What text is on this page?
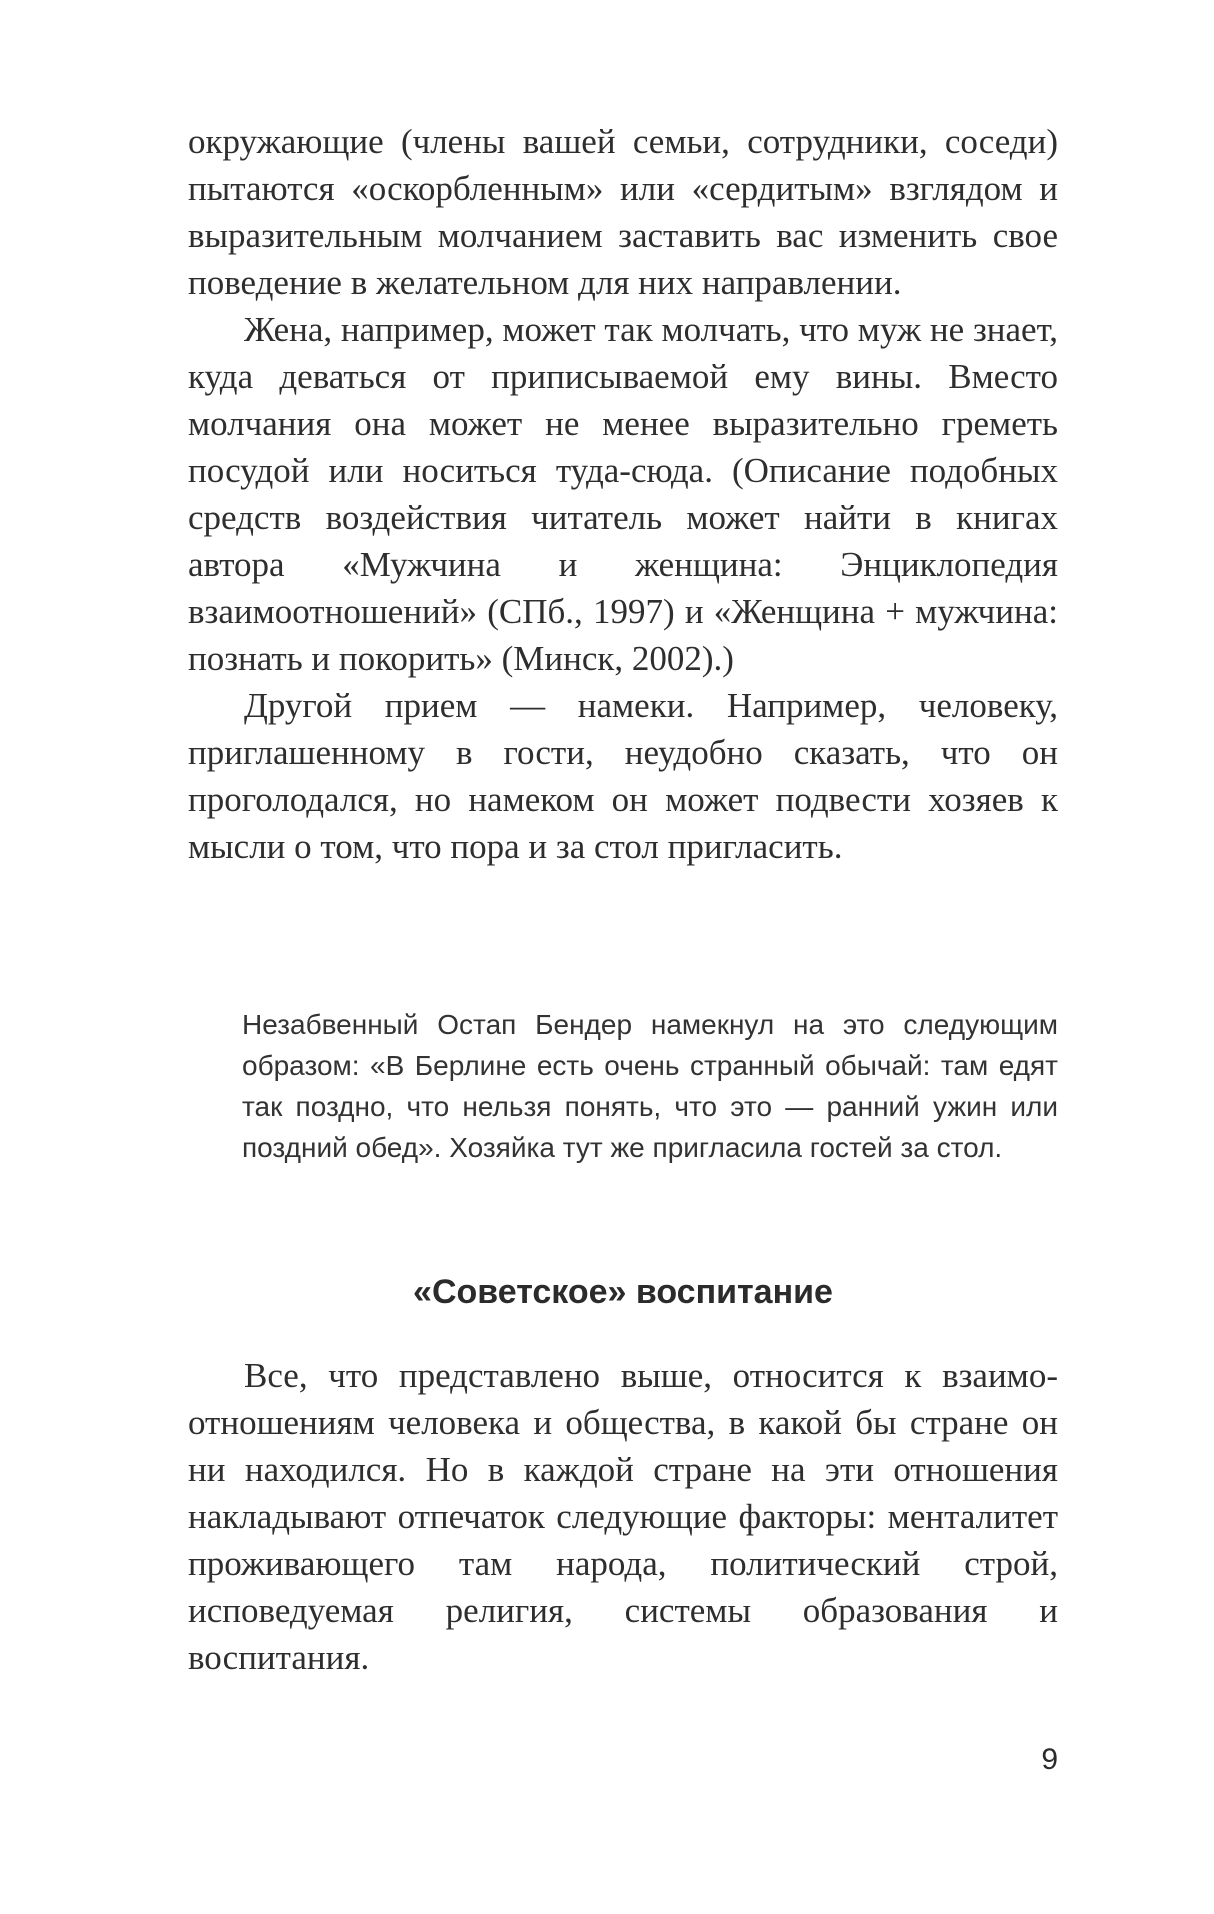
окружающие (члены вашей семьи, сотрудники, соседи) пытаются «оскорбленным» или «сердитым» взглядом и выразительным молчанием заставить вас изменить свое поведение в желательном для них направлении.

Жена, например, может так молчать, что муж не знает, куда деваться от приписываемой ему вины. Вместо молчания она может не менее выразительно греметь посудой или носиться туда-сюда. (Описание подобных средств воздействия читатель может найти в книгах автора «Мужчина и женщина: Энциклопедия взаимоотношений» (СПб., 1997) и «Женщина + мужчина: познать и покорить» (Минск, 2002).)

Другой прием — намеки. Например, человеку, приглашенному в гости, неудобно сказать, что он проголодался, но намеком он может подвести хозяев к мысли о том, что пора и за стол пригласить.

Незабвенный Остап Бендер намекнул на это следующим образом: «В Берлине есть очень странный обычай: там едят так поздно, что нельзя понять, что это — ранний ужин или поздний обед». Хозяйка тут же пригласила гостей за стол.
«Советское» воспитание

Все, что представлено выше, относится к взаимоотношениям человека и общества, в какой бы стране он ни находился. Но в каждой стране на эти отношения накладывают отпечаток следующие факторы: менталитет проживающего там народа, политический строй, исповедуемая религия, системы образования и воспитания.

9
